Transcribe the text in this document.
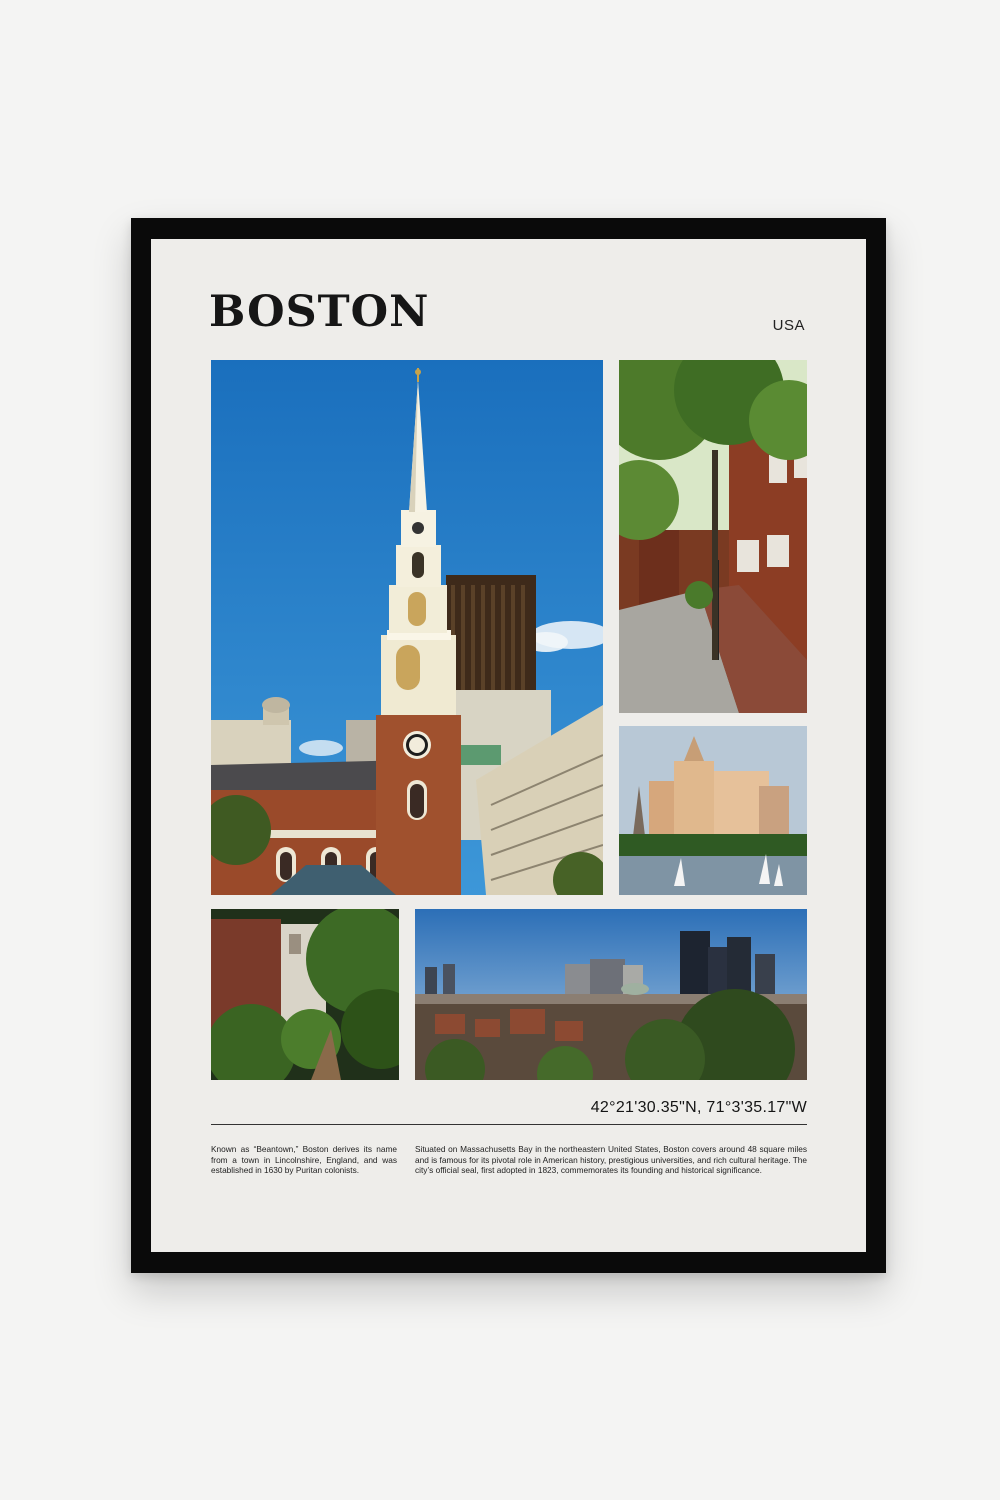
BOSTON	USA
42°21'30.35"N, 71°3'35.17"W

Known as “Beantown,” Boston derives its name from a town in Lincolnshire, England, and was established in 1630 by Puritan colonists.

Situated on Massachusetts Bay in the northeastern United States, Boston covers around 48 square miles and is famous for its pivotal role in American history, prestigious universities, and rich cultural heritage. The city’s official seal, first adopted in 1823, commemorates its founding and historical significance.
